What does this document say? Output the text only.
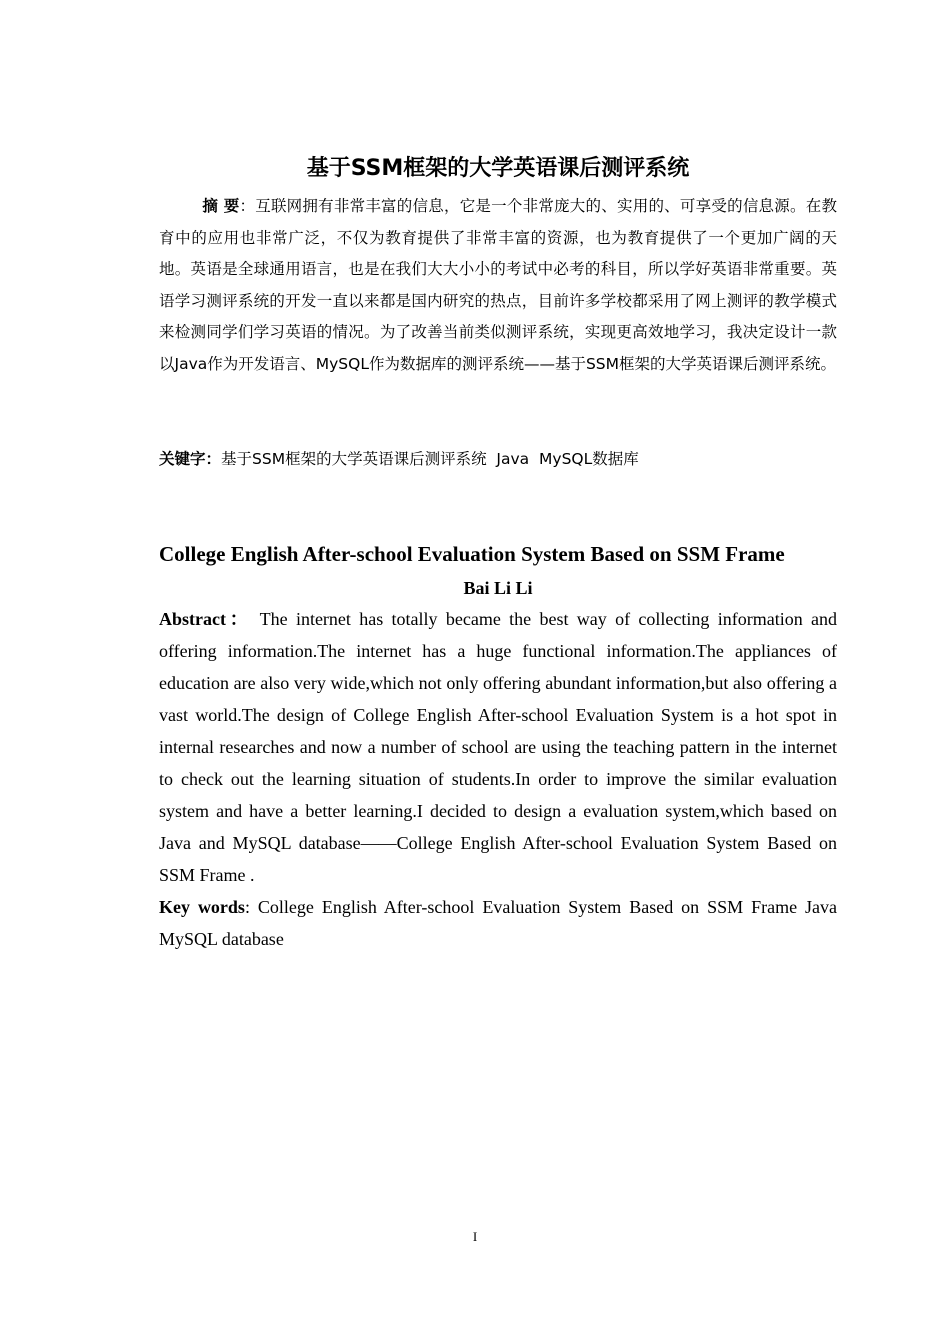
基于SSM框架的大学英语课后测评系统

摘 要：互联网拥有非常丰富的信息，它是一个非常庞大的、实用的、可享受的信息源。在教育中的应用也非常广泛，不仅为教育提供了非常丰富的资源，也为教育提供了一个更加广阔的天地。英语是全球通用语言，也是在我们大大小小的考试中必考的科目，所以学好英语非常重要。英语学习测评系统的开发一直以来都是国内研究的热点，目前许多学校都采用了网上测评的教学模式来检测同学们学习英语的情况。为了改善当前类似测评系统，实现更高效地学习，我决定设计一款以Java作为开发语言、MySQL作为数据库的测评系统——基于SSM框架的大学英语课后测评系统。

关键字：基于SSM框架的大学英语课后测评系统  Java  MySQL数据库

College English After-school Evaluation System Based on SSM Frame

Bai Li Li

Abstract： The internet has totally became the best way of collecting information and offering information.The internet has a huge functional information.The appliances of education are also very wide,which not only offering abundant information,but also offering a vast world.The design of College English After-school Evaluation System is a hot spot in internal researches and now a number of school are using the teaching pattern in the internet to check out the learning situation of students.In order to improve the similar evaluation system and have a better learning.I decided to design a evaluation system,which based on Java and MySQL database——College English After-school Evaluation System Based on SSM Frame .

Key words: College English After-school Evaluation System Based on SSM Frame Java MySQL database

I
